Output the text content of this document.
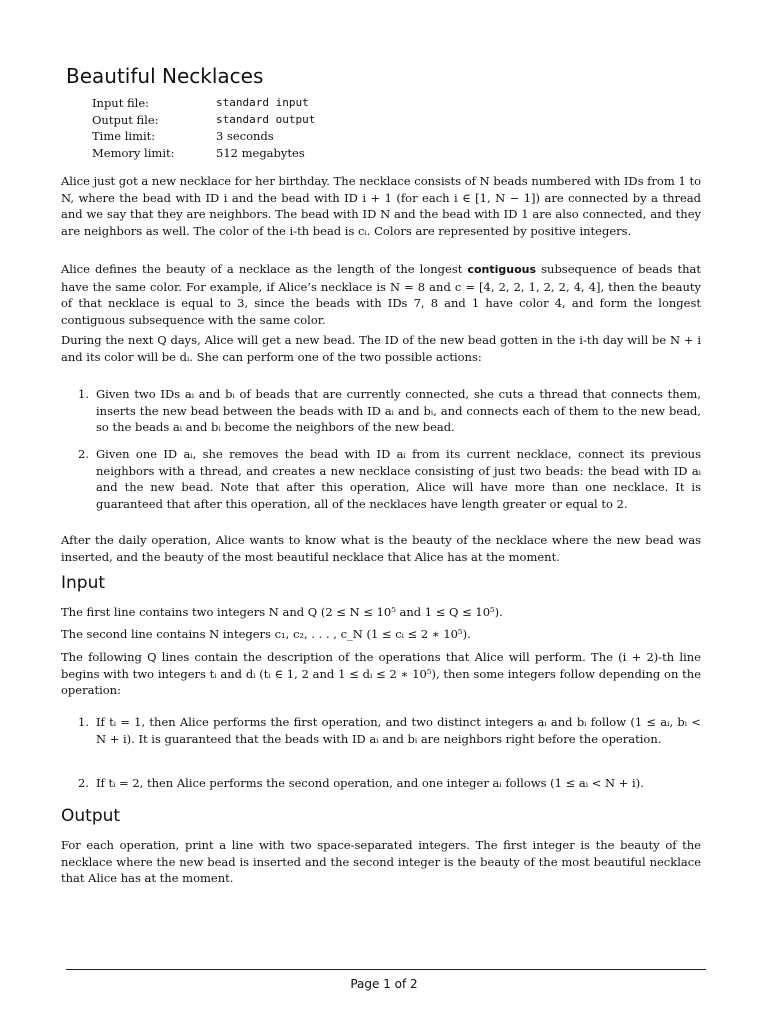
Beautiful Necklaces
Input file:	standard input
Output file:	standard output
Time limit:	3 seconds
Memory limit:	512 megabytes

Alice just got a new necklace for her birthday. The necklace consists of N beads numbered with IDs from 1 to N, where the bead with ID i and the bead with ID i + 1 (for each i ∈ [1, N − 1]) are connected by a thread and we say that they are neighbors. The bead with ID N and the bead with ID 1 are also connected, and they are neighbors as well. The color of the i-th bead is cᵢ. Colors are represented by positive integers.

Alice defines the beauty of a necklace as the length of the longest contiguous subsequence of beads that have the same color. For example, if Alice’s necklace is N = 8 and c = [4, 2, 2, 1, 2, 2, 4, 4], then the beauty of that necklace is equal to 3, since the beads with IDs 7, 8 and 1 have color 4, and form the longest contiguous subsequence with the same color.

During the next Q days, Alice will get a new bead. The ID of the new bead gotten in the i-th day will be N + i and its color will be dᵢ. She can perform one of the two possible actions:

1. Given two IDs aᵢ and bᵢ of beads that are currently connected, she cuts a thread that connects them, inserts the new bead between the beads with ID aᵢ and bᵢ, and connects each of them to the new bead, so the beads aᵢ and bᵢ become the neighbors of the new bead.
2. Given one ID aᵢ, she removes the bead with ID aᵢ from its current necklace, connect its previous neighbors with a thread, and creates a new necklace consisting of just two beads: the bead with ID aᵢ and the new bead. Note that after this operation, Alice will have more than one necklace. It is guaranteed that after this operation, all of the necklaces have length greater or equal to 2.

After the daily operation, Alice wants to know what is the beauty of the necklace where the new bead was inserted, and the beauty of the most beautiful necklace that Alice has at the moment.

Input

The first line contains two integers N and Q (2 ≤ N ≤ 10⁵ and 1 ≤ Q ≤ 10⁵).

The second line contains N integers c₁, c₂, . . . , c_N (1 ≤ cᵢ ≤ 2 ∗ 10⁵).

The following Q lines contain the description of the operations that Alice will perform. The (i + 2)-th line begins with two integers tᵢ and dᵢ (tᵢ ∈ 1, 2 and 1 ≤ dᵢ ≤ 2 ∗ 10⁵), then some integers follow depending on the operation:

1. If tᵢ = 1, then Alice performs the first operation, and two distinct integers aᵢ and bᵢ follow (1 ≤ aᵢ, bᵢ < N + i). It is guaranteed that the beads with ID aᵢ and bᵢ are neighbors right before the operation.
2. If tᵢ = 2, then Alice performs the second operation, and one integer aᵢ follows (1 ≤ aᵢ < N + i).
Output

For each operation, print a line with two space-separated integers. The first integer is the beauty of the necklace where the new bead is inserted and the second integer is the beauty of the most beautiful necklace that Alice has at the moment.

Page 1 of 2
